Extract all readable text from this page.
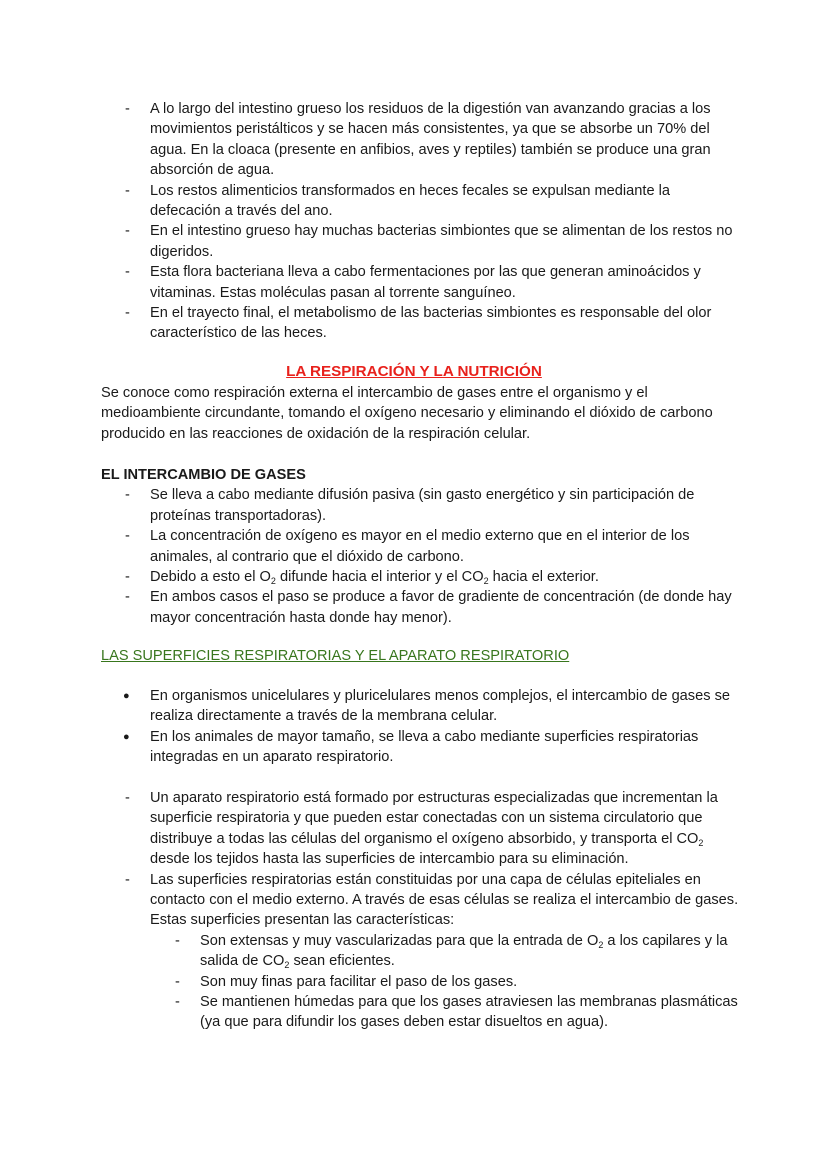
- A lo largo del intestino grueso los residuos de la digestión van avanzando gracias a los movimientos peristálticos y se hacen más consistentes, ya que se absorbe un 70% del agua. En la cloaca (presente en anfibios, aves y reptiles) también se produce una gran absorción de agua.
- Los restos alimenticios transformados en heces fecales se expulsan mediante la defecación a través del ano.
- En el intestino grueso hay muchas bacterias simbiontes que se alimentan de los restos no digeridos.
- Esta flora bacteriana lleva a cabo fermentaciones por las que generan aminoácidos y vitaminas. Estas moléculas pasan al torrente sanguíneo.
- En el trayecto final, el metabolismo de las bacterias simbiontes es responsable del olor característico de las heces.
LA RESPIRACIÓN Y LA NUTRICIÓN

Se conoce como respiración externa el intercambio de gases entre el organismo y el medioambiente circundante, tomando el oxígeno necesario y eliminando el dióxido de carbono producido en las reacciones de oxidación de la respiración celular.

EL INTERCAMBIO DE GASES

- Se lleva a cabo mediante difusión pasiva (sin gasto energético y sin participación de proteínas transportadoras).
- La concentración de oxígeno es mayor en el medio externo que en el interior de los animales, al contrario que el dióxido de carbono.
- Debido a esto el $O_2$ difunde hacia el interior y el $CO_2$ hacia el exterior.
- En ambos casos el paso se produce a favor de gradiente de concentración (de donde hay mayor concentración hasta donde hay menor).

LAS SUPERFICIES RESPIRATORIAS Y EL APARATO RESPIRATORIO

● En organismos unicelulares y pluricelulares menos complejos, el intercambio de gases se realiza directamente a través de la membrana celular.
● En los animales de mayor tamaño, se lleva a cabo mediante superficies respiratorias integradas en un aparato respiratorio.
- Un aparato respiratorio está formado por estructuras especializadas que incrementan la superficie respiratoria y que pueden estar conectadas con un sistema circulatorio que distribuye a todas las células del organismo el oxígeno absorbido, y transporta el $CO_2$ desde los tejidos hasta las superficies de intercambio para su eliminación.
- Las superficies respiratorias están constituidas por una capa de células epiteliales en contacto con el medio externo. A través de esas células se realiza el intercambio de gases. Estas superficies presentan las características:
- Son extensas y muy vascularizadas para que la entrada de $O_2$ a los capilares y la salida de $CO_2$ sean eficientes.
- Son muy finas para facilitar el paso de los gases.
- Se mantienen húmedas para que los gases atraviesen las membranas plasmáticas (ya que para difundir los gases deben estar disueltos en agua).
